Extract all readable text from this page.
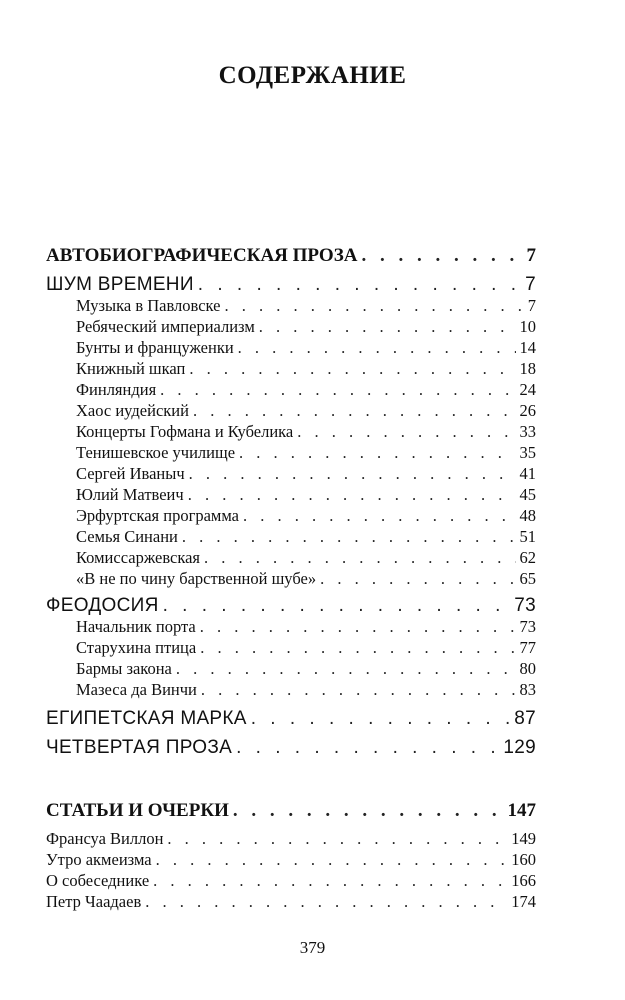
СОДЕРЖАНИЕ
АВТОБИОГРАФИЧЕСКАЯ ПРОЗА . . .	7
ШУМ ВРЕМЕНИ . . .	7
Музыка в Павловске . . .	7
Ребяческий империализм . . .	10
Бунты и француженки . . .	14
Книжный шкап . . .	18
Финляндия . . .	24
Хаос иудейский . . .	26
Концерты Гофмана и Кубелика . . .	33
Тенишевское училище . . .	35
Сергей Иваныч . . .	41
Юлий Матвеич . . .	45
Эрфуртская программа . . .	48
Семья Синани . . .	51
Комиссаржевская . . .	62
«В не по чину барственной шубе» . . .	65
ФЕОДОСИЯ . . .	73
Начальник порта . . .	73
Старухина птица . . .	77
Бармы закона . . .	80
Мазеса да Винчи . . .	83
ЕГИПЕТСКАЯ МАРКА . . .	87
ЧЕТВЕРТАЯ ПРОЗА . . .	129
СТАТЬИ И ОЧЕРКИ . . .	147
Франсуа Виллон . . .	149
Утро акмеизма . . .	160
О собеседнике . . .	166
Петр Чаадаев . . .	174
379
